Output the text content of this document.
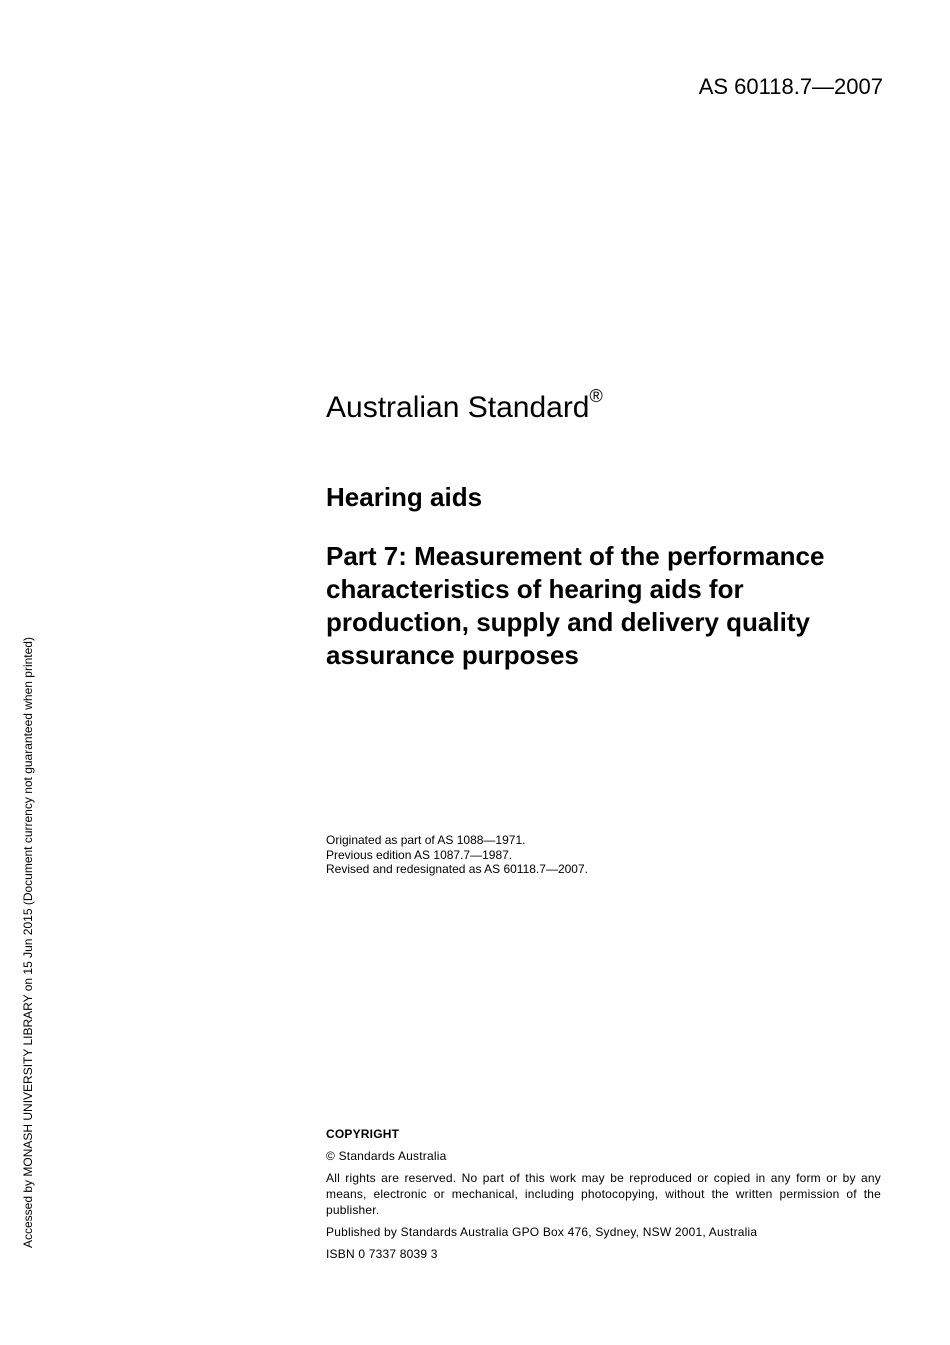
AS 60118.7—2007
Australian Standard®
Hearing aids
Part 7: Measurement of the performance characteristics of hearing aids for production, supply and delivery quality assurance purposes
Originated as part of AS 1088—1971.
Previous edition AS 1087.7—1987.
Revised and redesignated as AS 60118.7—2007.
COPYRIGHT
© Standards Australia
All rights are reserved. No part of this work may be reproduced or copied in any form or by any means, electronic or mechanical, including photocopying, without the written permission of the publisher.
Published by Standards Australia GPO Box 476, Sydney, NSW 2001, Australia
ISBN 0 7337 8039 3
Accessed by MONASH UNIVERSITY LIBRARY on 15 Jun 2015 (Document currency not guaranteed when printed)
